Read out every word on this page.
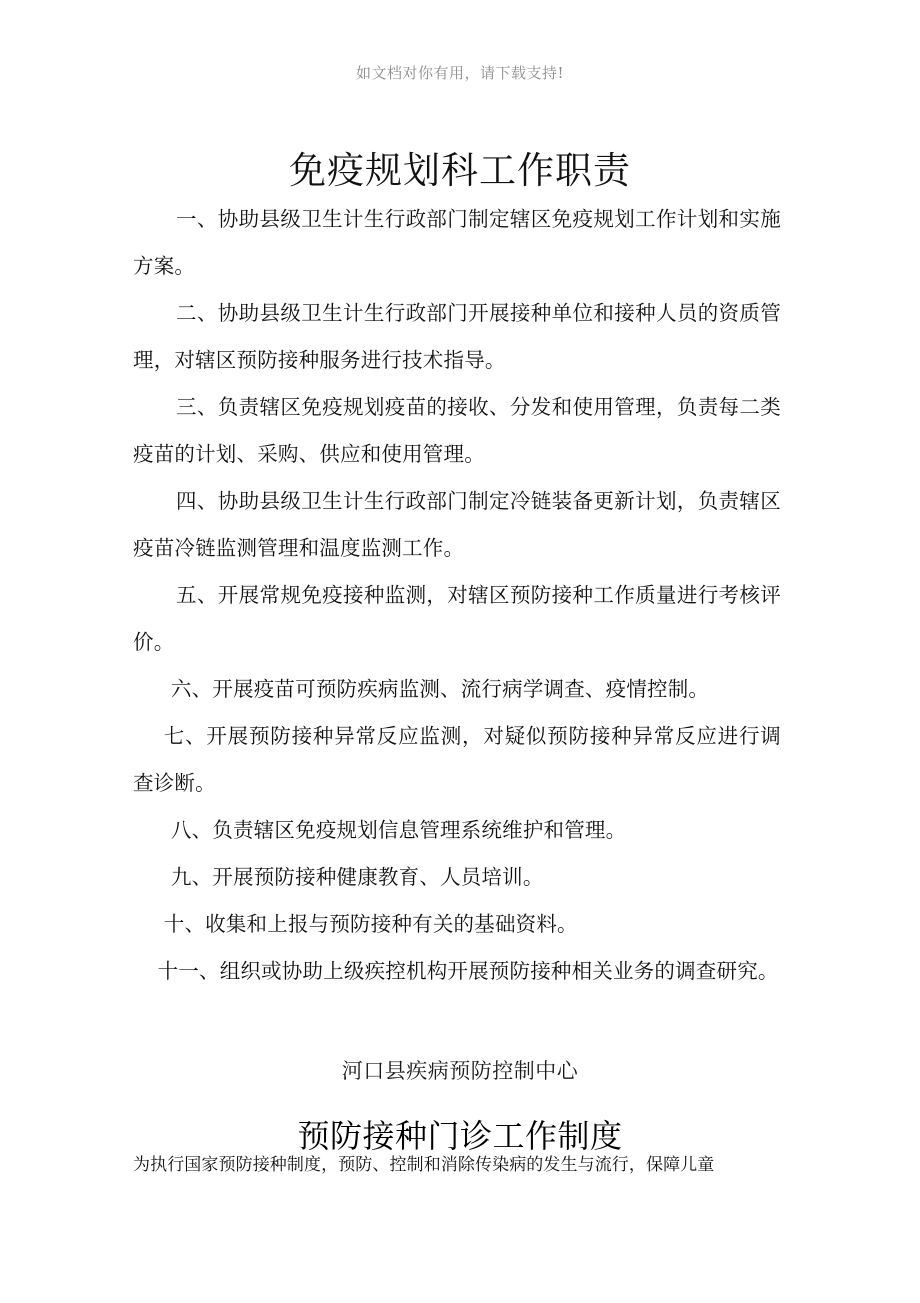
如文档对你有用，请下载支持!
免疫规划科工作职责

一、协助县级卫生计生行政部门制定辖区免疫规划工作计划和实施方案。

二、协助县级卫生计生行政部门开展接种单位和接种人员的资质管理，对辖区预防接种服务进行技术指导。

三、负责辖区免疫规划疫苗的接收、分发和使用管理，负责每二类疫苗的计划、采购、供应和使用管理。

四、协助县级卫生计生行政部门制定冷链装备更新计划，负责辖区疫苗冷链监测管理和温度监测工作。

五、开展常规免疫接种监测，对辖区预防接种工作质量进行考核评价。

六、开展疫苗可预防疾病监测、流行病学调查、疫情控制。

七、开展预防接种异常反应监测，对疑似预防接种异常反应进行调查诊断。

八、负责辖区免疫规划信息管理系统维护和管理。

九、开展预防接种健康教育、人员培训。

十、收集和上报与预防接种有关的基础资料。

十一、组织或协助上级疾控机构开展预防接种相关业务的调查研究。

河口县疾病预防控制中心
预防接种门诊工作制度

为执行国家预防接种制度，预防、控制和消除传染病的发生与流行，保障儿童
